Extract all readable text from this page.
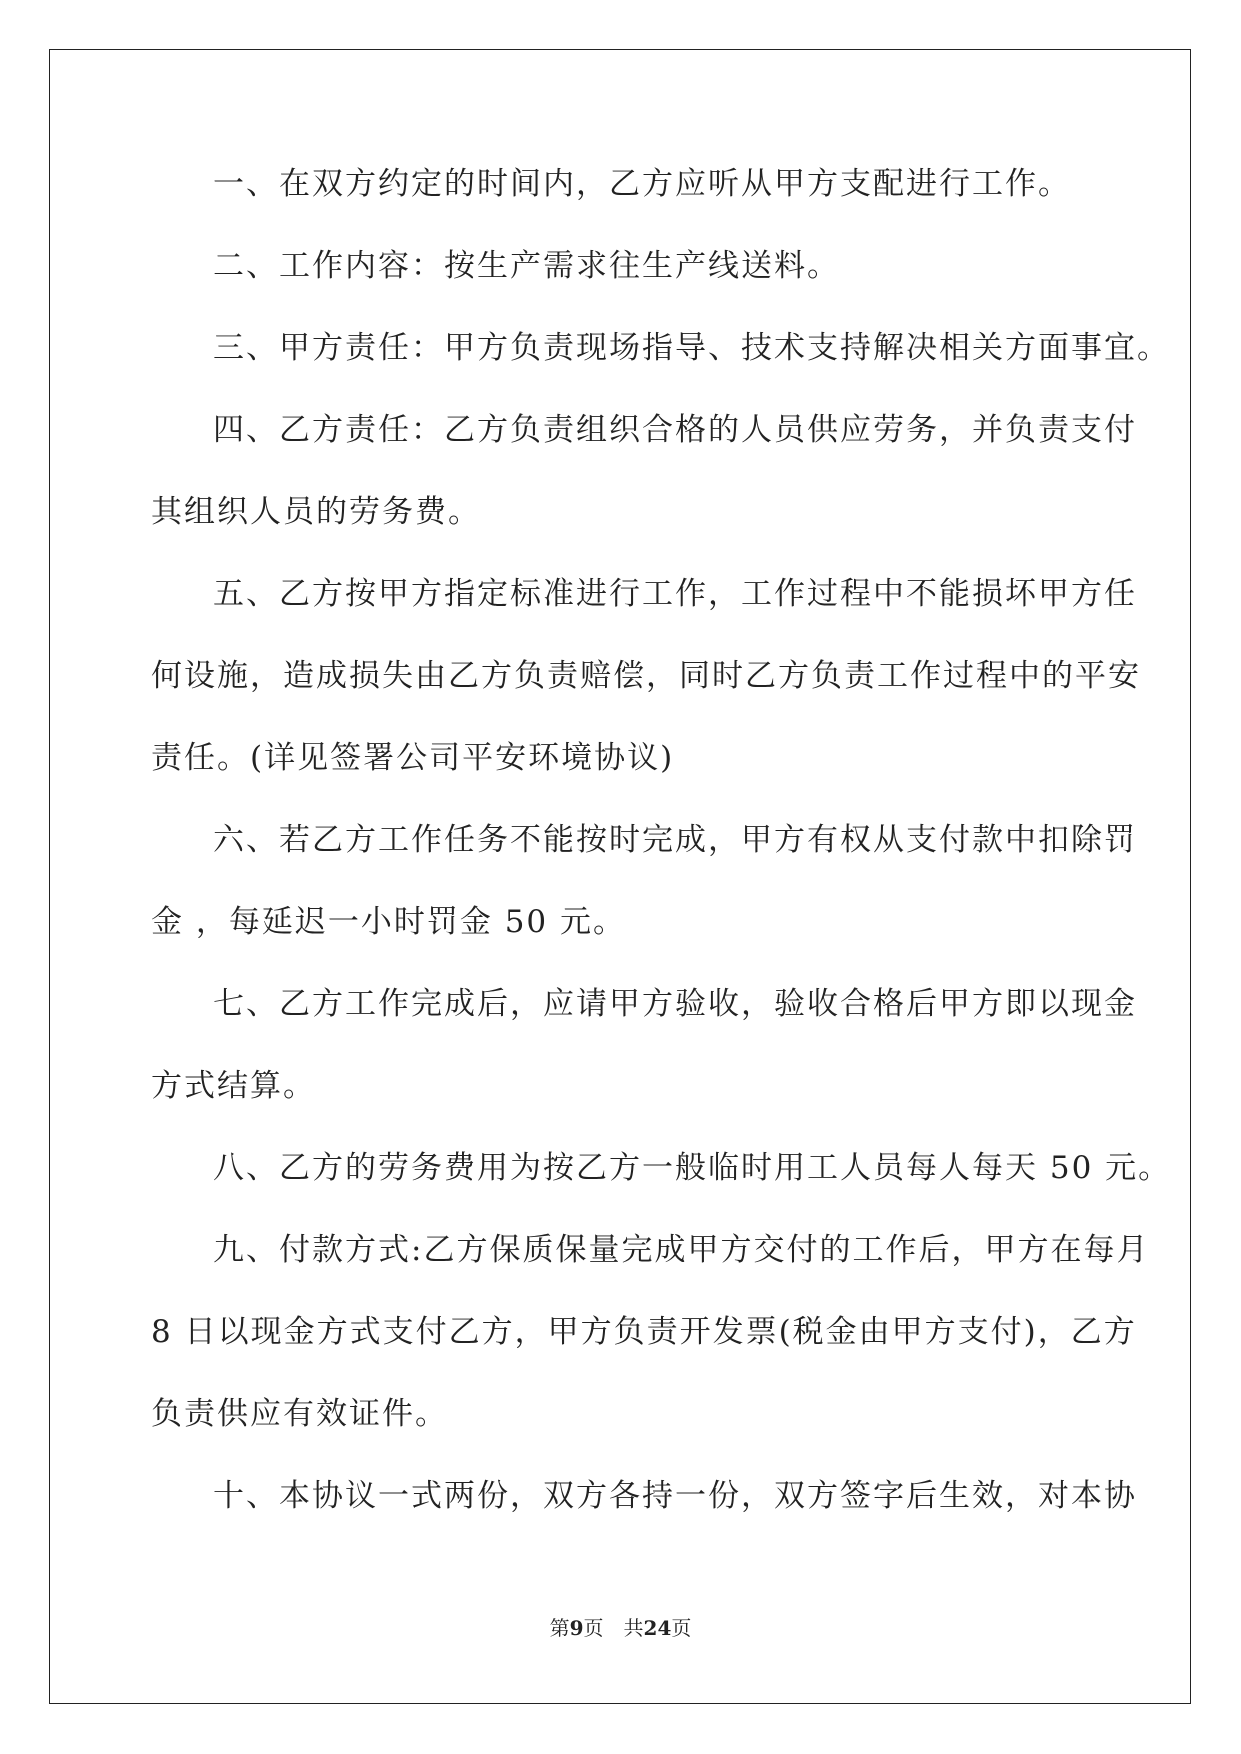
一、在双方约定的时间内，乙方应听从甲方支配进行工作。
二、工作内容：按生产需求往生产线送料。
三、甲方责任：甲方负责现场指导、技术支持解决相关方面事宜。
四、乙方责任：乙方负责组织合格的人员供应劳务，并负责支付
其组织人员的劳务费。
五、乙方按甲方指定标准进行工作，工作过程中不能损坏甲方任
何设施，造成损失由乙方负责赔偿，同时乙方负责工作过程中的平安
责任。(详见签署公司平安环境协议)
六、若乙方工作任务不能按时完成，甲方有权从支付款中扣除罚
金 ，每延迟一小时罚金 50 元。
七、乙方工作完成后，应请甲方验收，验收合格后甲方即以现金
方式结算。
八、乙方的劳务费用为按乙方一般临时用工人员每人每天 50 元。
九、付款方式:乙方保质保量完成甲方交付的工作后，甲方在每月
8 日以现金方式支付乙方，甲方负责开发票(税金由甲方支付)，乙方
负责供应有效证件。
十、本协议一式两份，双方各持一份，双方签字后生效，对本协
第9页　共24页
